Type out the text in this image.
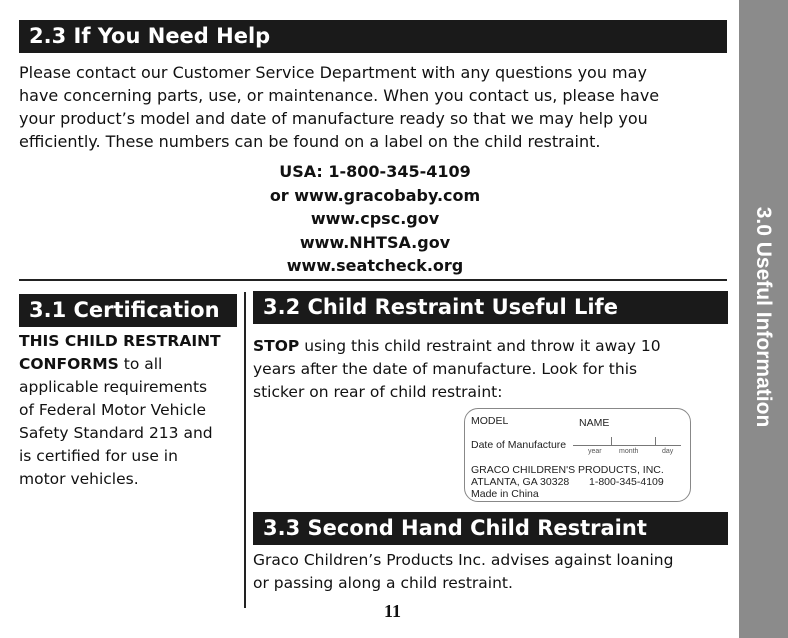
3.0 Useful Information
2.3 If You Need Help
Please contact our Customer Service Department with any questions you may
have concerning parts, use, or maintenance. When you contact us, please have
your product’s model and date of manufacture ready so that we may help you
efficiently. These numbers can be found on a label on the child restraint.
USA: 1-800-345-4109
or www.gracobaby.com
www.cpsc.gov
www.NHTSA.gov
www.seatcheck.org
3.1 Certification
THIS CHILD RESTRAINT
CONFORMS to all
applicable requirements
of Federal Motor Vehicle
Safety Standard 213 and
is certified for use in
motor vehicles.
3.2 Child Restraint Useful Life
STOP using this child restraint and throw it away 10
years after the date of manufacture. Look for this
sticker on rear of child restraint:
MODEL	NAME
Date of Manufacture
year month	day
GRACO CHILDREN'S PRODUCTS, INC.
ATLANTA, GA 30328 1-800-345-4109
Made in China
3.3 Second Hand Child Restraint
Graco Children’s Products Inc. advises against loaning
or passing along a child restraint.
11
